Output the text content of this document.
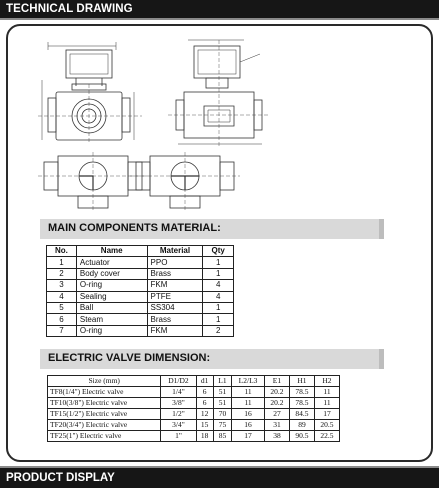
TECHNICAL DRAWING
MAIN COMPONENTS MATERIAL:
No.	Name	Material	Qty
1	Actuator	PPO	1
2	Body cover	Brass	1
3	O-ring	FKM	4
4	Sealing	PTFE	4
5	Ball	SS304	1
6	Steam	Brass	1
7	O-ring	FKM	2
ELECTRIC VALVE DIMENSION:
Size (mm)	D1/D2	d1	L1	L2/L3	E1	H1	H2
TF8(1/4") Electric valve	1/4"	6	51	11	20.2	78.5	11
TF10(3/8") Electric valve	3/8"	6	51	11	20.2	78.5	11
TF15(1/2") Electric valve	1/2"	12	70	16	27	84.5	17
TF20(3/4") Electric valve	3/4"	15	75	16	31	89	20.5
TF25(1") Electric valve	1"	18	85	17	38	90.5	22.5
PRODUCT DISPLAY
